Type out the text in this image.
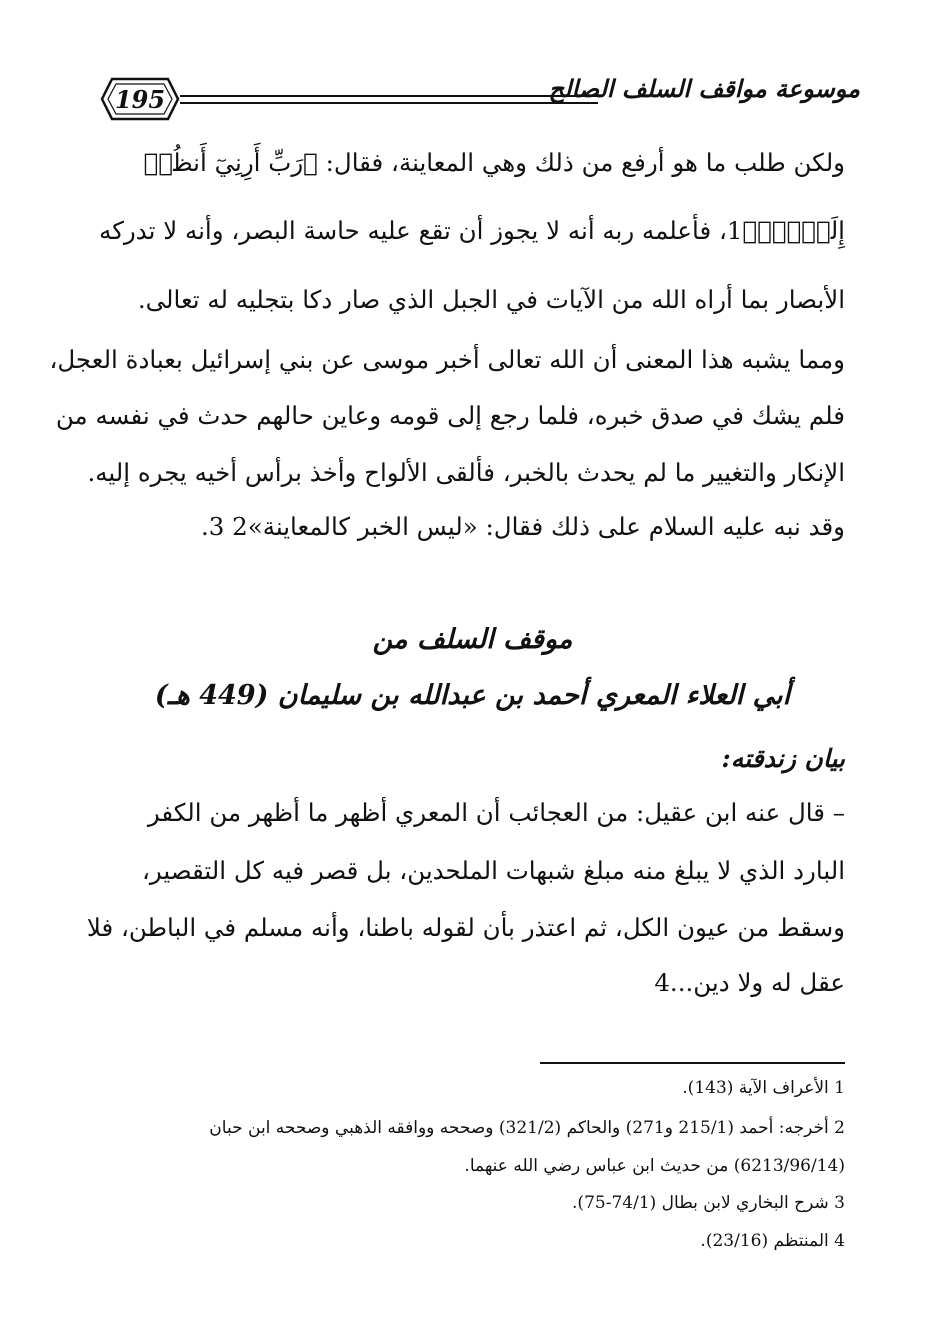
195	موسوعة مواقف السلف الصالح
ولكن طلب ما هو أرفع من ذلك وهي المعاينة، فقال: ﴿رَبِّ أَرِنِيٓ أَنظُرۡ
إِلَيۡكَۚ﴾1، فأعلمه ربه أنه لا يجوز أن تقع عليه حاسة البصر، وأنه لا تدركه
الأبصار بما أراه الله من الآيات في الجبل الذي صار دكا بتجليه له تعالى.
ومما يشبه هذا المعنى أن الله تعالى أخبر موسى عن بني إسرائيل بعبادة العجل،
فلم يشك في صدق خبره، فلما رجع إلى قومه وعاين حالهم حدث في نفسه من
الإنكار والتغيير ما لم يحدث بالخبر، فألقى الألواح وأخذ برأس أخيه يجره إليه.
وقد نبه عليه السلام على ذلك فقال: «ليس الخبر كالمعاينة»2 3.
موقف السلف من
أبي العلاء المعري أحمد بن عبدالله بن سليمان (449 هـ)
بيان زندقته:
– قال عنه ابن عقيل: من العجائب أن المعري أظهر ما أظهر من الكفر
البارد الذي لا يبلغ منه مبلغ شبهات الملحدين، بل قصر فيه كل التقصير،
وسقط من عيون الكل، ثم اعتذر بأن لقوله باطنا، وأنه مسلم في الباطن، فلا
عقل له ولا دين...4
1 الأعراف الآية (143).
2 أخرجه: أحمد (215/1 و271) والحاكم (321/2) وصححه ووافقه الذهبي وصححه ابن حبان
(6213/96/14) من حديث ابن عباس رضي الله عنهما.
3 شرح البخاري لابن بطال (74/1-75).
4 المنتظم (23/16).
